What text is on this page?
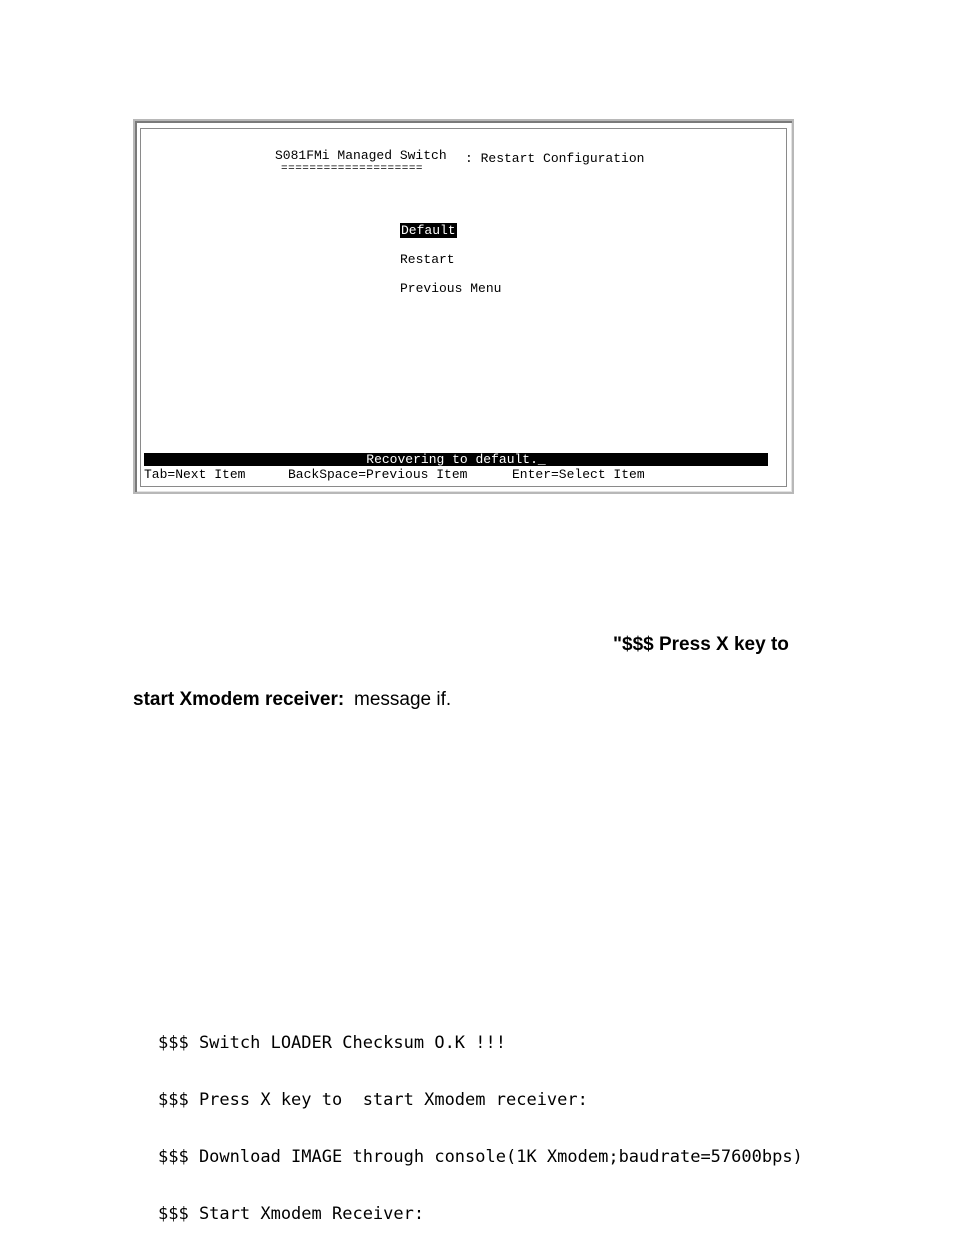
S081FMi Managed Switch
====================
: Restart Configuration
Default
Restart
Previous Menu
Recovering to default._
Tab=Next Item	BackSpace=Previous Item	Enter=Select Item
"$$$ Press X key to
start Xmodem receiver: message if.

$$$ Switch LOADER Checksum O.K !!!

$$$ Press X key to  start Xmodem receiver:

$$$ Download IMAGE through console(1K Xmodem;baudrate=57600bps)

$$$ Start Xmodem Receiver:
